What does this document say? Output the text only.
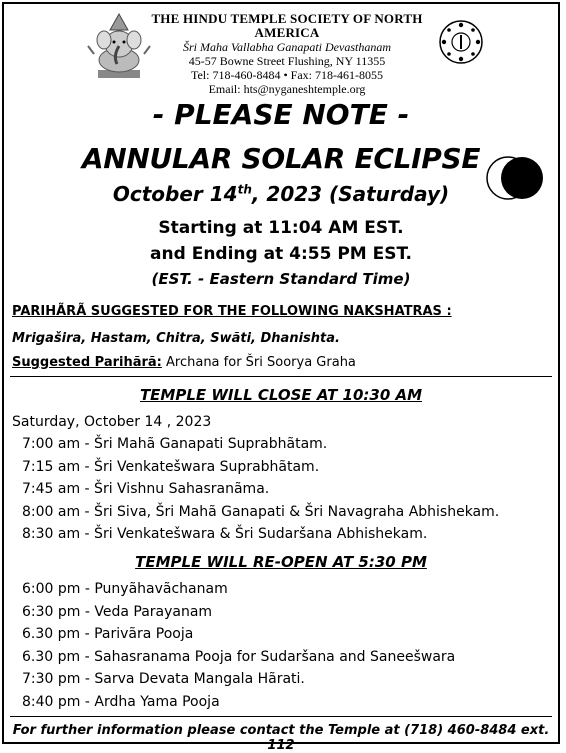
THE HINDU TEMPLE SOCIETY OF NORTH AMERICA
Šri Maha Vallabha Ganapati Devasthanam
45-57 Bowne Street Flushing, NY 11355
Tel: 718-460-8484 • Fax: 718-461-8055
Email: hts@nyganeshtemple.org
- PLEASE NOTE -
ANNULAR SOLAR ECLIPSE
October 14th, 2023 (Saturday)
Starting at 11:04 AM EST.
and Ending at 4:55 PM EST.
(EST. - Eastern Standard Time)
PARIHÃRÃ SUGGESTED FOR THE FOLLOWING NAKSHATRAS :
Mrigašira, Hastam, Chitra, Swãti, Dhanishta.
Suggested Parihãrã: Archana for Šri Soorya Graha
TEMPLE WILL CLOSE AT 10:30 AM
Saturday, October 14 , 2023
7:00 am - Šri Mahã Ganapati Suprabhãtam.
7:15 am - Šri Venkatešwara Suprabhãtam.
7:45 am - Šri Vishnu Sahasranãma.
8:00 am - Šri Siva, Šri Mahã Ganapati & Šri Navagraha Abhishekam.
8:30 am - Šri Venkatešwara & Šri Sudaršana Abhishekam.
TEMPLE WILL RE-OPEN AT 5:30 PM
6:00 pm - Punyãhavãchanam
6:30 pm - Veda Parayanam
6.30 pm - Parivãra Pooja
6.30 pm - Sahasranama Pooja for Sudaršana and Saneešwara
7:30 pm - Sarva Devata Mangala Hãrati.
8:40 pm - Ardha Yama Pooja
For further information please contact the Temple at (718) 460-8484 ext. 112
